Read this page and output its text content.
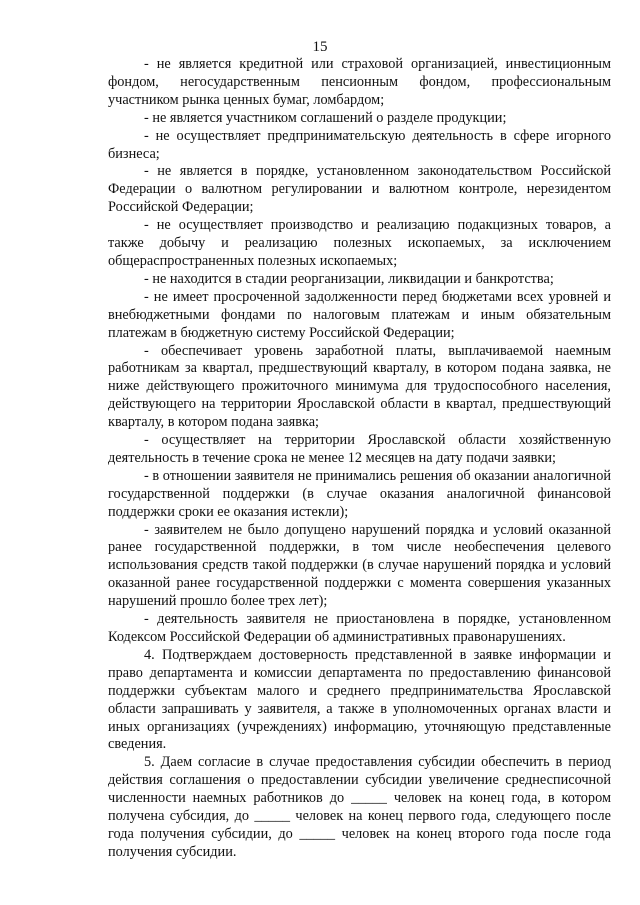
15

- не является кредитной или страховой организацией, инвестиционным фондом, негосударственным пенсионным фондом, профессиональным участником рынка ценных бумаг, ломбардом;

- не является участником соглашений о разделе продукции;

- не осуществляет предпринимательскую деятельность в сфере игорного бизнеса;

- не является в порядке, установленном законодательством Российской Федерации о валютном регулировании и валютном контроле, нерезидентом Российской Федерации;

- не осуществляет производство и реализацию подакцизных товаров, а также добычу и реализацию полезных ископаемых, за исключением общераспространенных полезных ископаемых;

- не находится в стадии реорганизации, ликвидации и банкротства;

- не имеет просроченной задолженности перед бюджетами всех уровней и внебюджетными фондами по налоговым платежам и иным обязательным платежам в бюджетную систему Российской Федерации;

- обеспечивает уровень заработной платы, выплачиваемой наемным работникам за квартал, предшествующий кварталу, в котором подана заявка, не ниже действующего прожиточного минимума для трудоспособного населения, действующего на территории Ярославской области в квартал, предшествующий кварталу, в котором подана заявка;

- осуществляет на территории Ярославской области хозяйственную деятельность в течение срока не менее 12 месяцев на дату подачи заявки;

- в отношении заявителя не принимались решения об оказании аналогичной государственной поддержки (в случае оказания аналогичной финансовой поддержки сроки ее оказания истекли);

- заявителем не было допущено нарушений порядка и условий оказанной ранее государственной поддержки, в том числе необеспечения целевого использования средств такой поддержки (в случае нарушений порядка и условий оказанной ранее государственной поддержки с момента совершения указанных нарушений прошло более трех лет);

- деятельность заявителя не приостановлена в порядке, установленном Кодексом Российской Федерации об административных правонарушениях.

4. Подтверждаем достоверность представленной в заявке информации и право департамента и комиссии департамента по предоставлению финансовой поддержки субъектам малого и среднего предпринимательства Ярославской области запрашивать у заявителя, а также в уполномоченных органах власти и иных организациях (учреждениях) информацию, уточняющую представленные сведения.

5. Даем согласие в случае предоставления субсидии обеспечить в период действия соглашения о предоставлении субсидии увеличение среднесписочной численности наемных работников до _____ человек на конец года, в котором получена субсидия, до _____ человек на конец первого года, следующего после года получения субсидии, до _____ человек на конец второго года после года получения субсидии.
